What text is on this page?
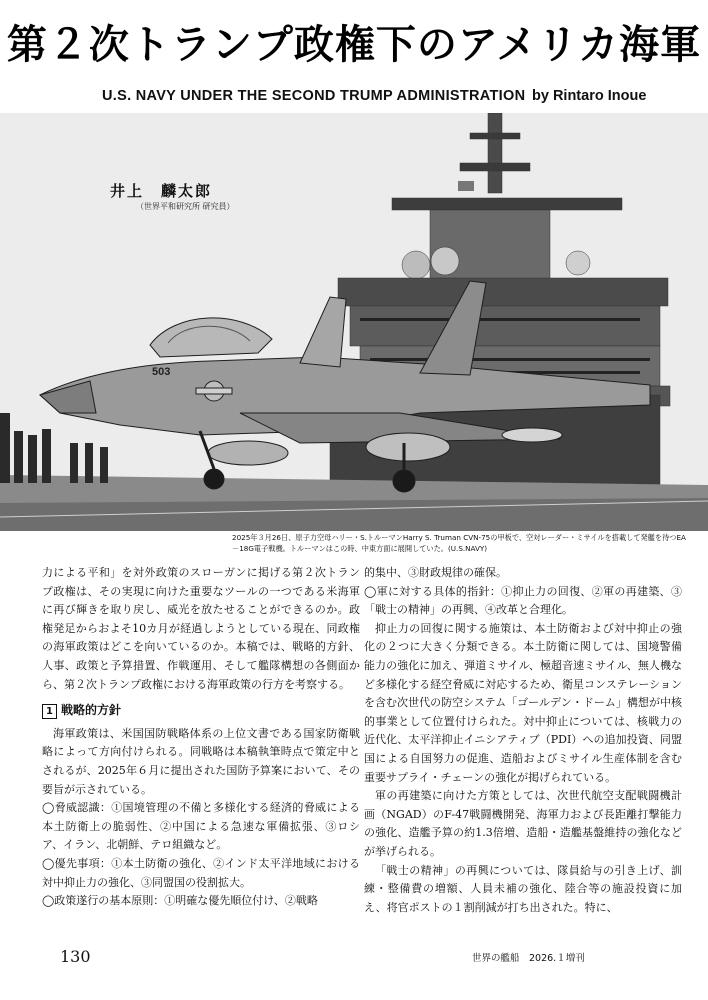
第２次トランプ政権下のアメリカ海軍
U.S. NAVY UNDER THE SECOND TRUMP ADMINISTRATION by Rintaro Inoue
503
井上　麟太郎
（世界平和研究所 研究員）
2025年３月26日、原子力空母ハリー・S.トルーマンHarry S. Truman CVN-75の甲板で、空対レーダー・ミサイルを搭載して発艦を待つEA－18G電子戦機。トルーマンはこの時、中東方面に展開していた。(U.S.NAVY)

力による平和」を対外政策のスローガンに掲げる第２次トランプ政権は、その実現に向けた重要なツールの一つである米海軍に再び輝きを取り戻し、威光を放たせることができるのか。政権発足からおよそ10カ月が経過しようとしている現在、同政権の海軍政策はどこを向いているのか。本稿では、戦略的方針、人事、政策と予算措置、作戦運用、そして艦隊構想の各側面から、第２次トランプ政権における海軍政策の行方を考察する。

1 戦略的方針

海軍政策は、米国国防戦略体系の上位文書である国家防衛戦略によって方向付けられる。同戦略は本稿執筆時点で策定中とされるが、2025年６月に提出された国防予算案において、その要旨が示されている。

◯脅威認識：①国境管理の不備と多様化する経済的脅威による本土防衛上の脆弱性、②中国による急速な軍備拡張、③ロシア、イラン、北朝鮮、テロ組織など。

◯優先事項：①本土防衛の強化、②インド太平洋地域における対中抑止力の強化、③同盟国の役割拡大。

◯政策遂行の基本原則：①明確な優先順位付け、②戦略

的集中、③財政規律の確保。

◯軍に対する具体的指針：①抑止力の回復、②軍の再建築、③「戦士の精神」の再興、④改革と合理化。

抑止力の回復に関する施策は、本土防衛および対中抑止の強化の２つに大きく分類できる。本土防衛に関しては、国境警備能力の強化に加え、弾道ミサイル、極超音速ミサイル、無人機など多様化する経空脅威に対応するため、衛星コンステレーションを含む次世代の防空システム「ゴールデン・ドーム」構想が中核的事業として位置付けられた。対中抑止については、核戦力の近代化、太平洋抑止イニシアティブ（PDI）への追加投資、同盟国による自国努力の促進、造船およびミサイル生産体制を含む重要サプライ・チェーンの強化が掲げられている。

軍の再建築に向けた方策としては、次世代航空支配戦闘機計画（NGAD）のF-47戦闘機開発、海軍力および長距離打撃能力の強化、造艦予算の約1.3倍増、造船・造艦基盤維持の強化などが挙げられる。

「戦士の精神」の再興については、隊員給与の引き上げ、訓練・整備費の増額、人員未補の強化、陸合等の施設投資に加え、将官ポストの１割削減が打ち出された。特に、

130	世界の艦船　2026.１増刊
